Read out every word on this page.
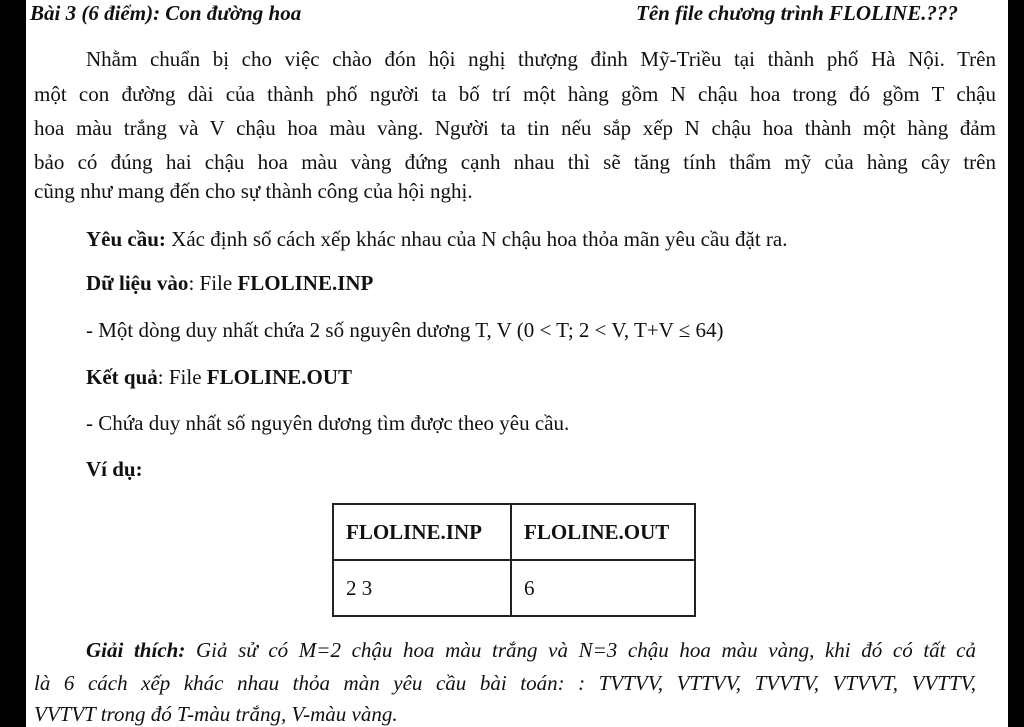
Bài 3 (6 điểm): Con đường hoa	Tên file chương trình FLOLINE.???
Nhằm chuẩn bị cho việc chào đón hội nghị thượng đỉnh Mỹ-Triều tại thành phố Hà Nội. Trên
một con đường dài của thành phố người ta bố trí một hàng gồm N chậu hoa trong đó gồm T chậu
hoa màu trắng và V chậu hoa màu vàng. Người ta tin nếu sắp xếp N chậu hoa thành một hàng đảm
bảo có đúng hai chậu hoa màu vàng đứng cạnh nhau thì sẽ tăng tính thẩm mỹ của hàng cây trên
cũng như mang đến cho sự thành công của hội nghị.
Yêu cầu: Xác định số cách xếp khác nhau của N chậu hoa thỏa mãn yêu cầu đặt ra.
Dữ liệu vào: File FLOLINE.INP
- Một dòng duy nhất chứa 2 số nguyên dương T, V (0 < T; 2 < V, T+V ≤ 64)
Kết quả: File FLOLINE.OUT
- Chứa duy nhất số nguyên dương tìm được theo yêu cầu.
Ví dụ:
FLOLINE.INP	FLOLINE.OUT
2 3	6
Giải thích: Giả sử có M=2 chậu hoa màu trắng và N=3 chậu hoa màu vàng, khi đó có tất cả
là 6 cách xếp khác nhau thỏa màn yêu cầu bài toán: : TVTVV, VTTVV, TVVTV, VTVVT, VVTTV,
VVTVT trong đó T-màu trắng, V-màu vàng.
